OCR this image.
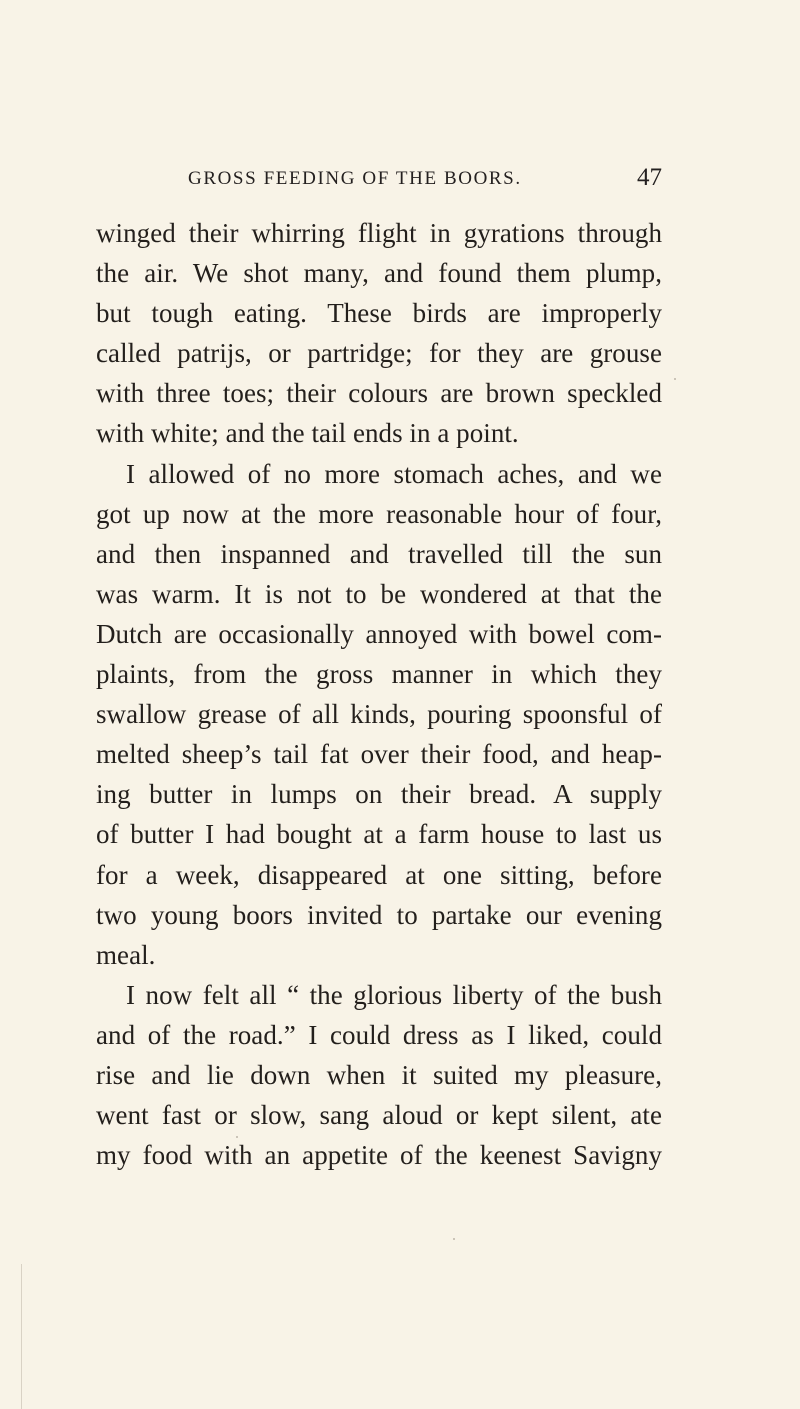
GROSS FEEDING OF THE BOORS.	47
winged their whirring flight in gyrations through
the air. We shot many, and found them plump,
but tough eating. These birds are improperly
called patrijs, or partridge; for they are grouse
with three toes; their colours are brown speckled
with white; and the tail ends in a point.
I allowed of no more stomach aches, and we
got up now at the more reasonable hour of four,
and then inspanned and travelled till the sun
was warm. It is not to be wondered at that the
Dutch are occasionally annoyed with bowel com-
plaints, from the gross manner in which they
swallow grease of all kinds, pouring spoonsful of
melted sheep’s tail fat over their food, and heap-
ing butter in lumps on their bread. A supply
of butter I had bought at a farm house to last us
for a week, disappeared at one sitting, before
two young boors invited to partake our evening
meal.
I now felt all “ the glorious liberty of the bush
and of the road.” I could dress as I liked, could
rise and lie down when it suited my pleasure,
went fast or slow, sang aloud or kept silent, ate
my food with an appetite of the keenest Savigny
